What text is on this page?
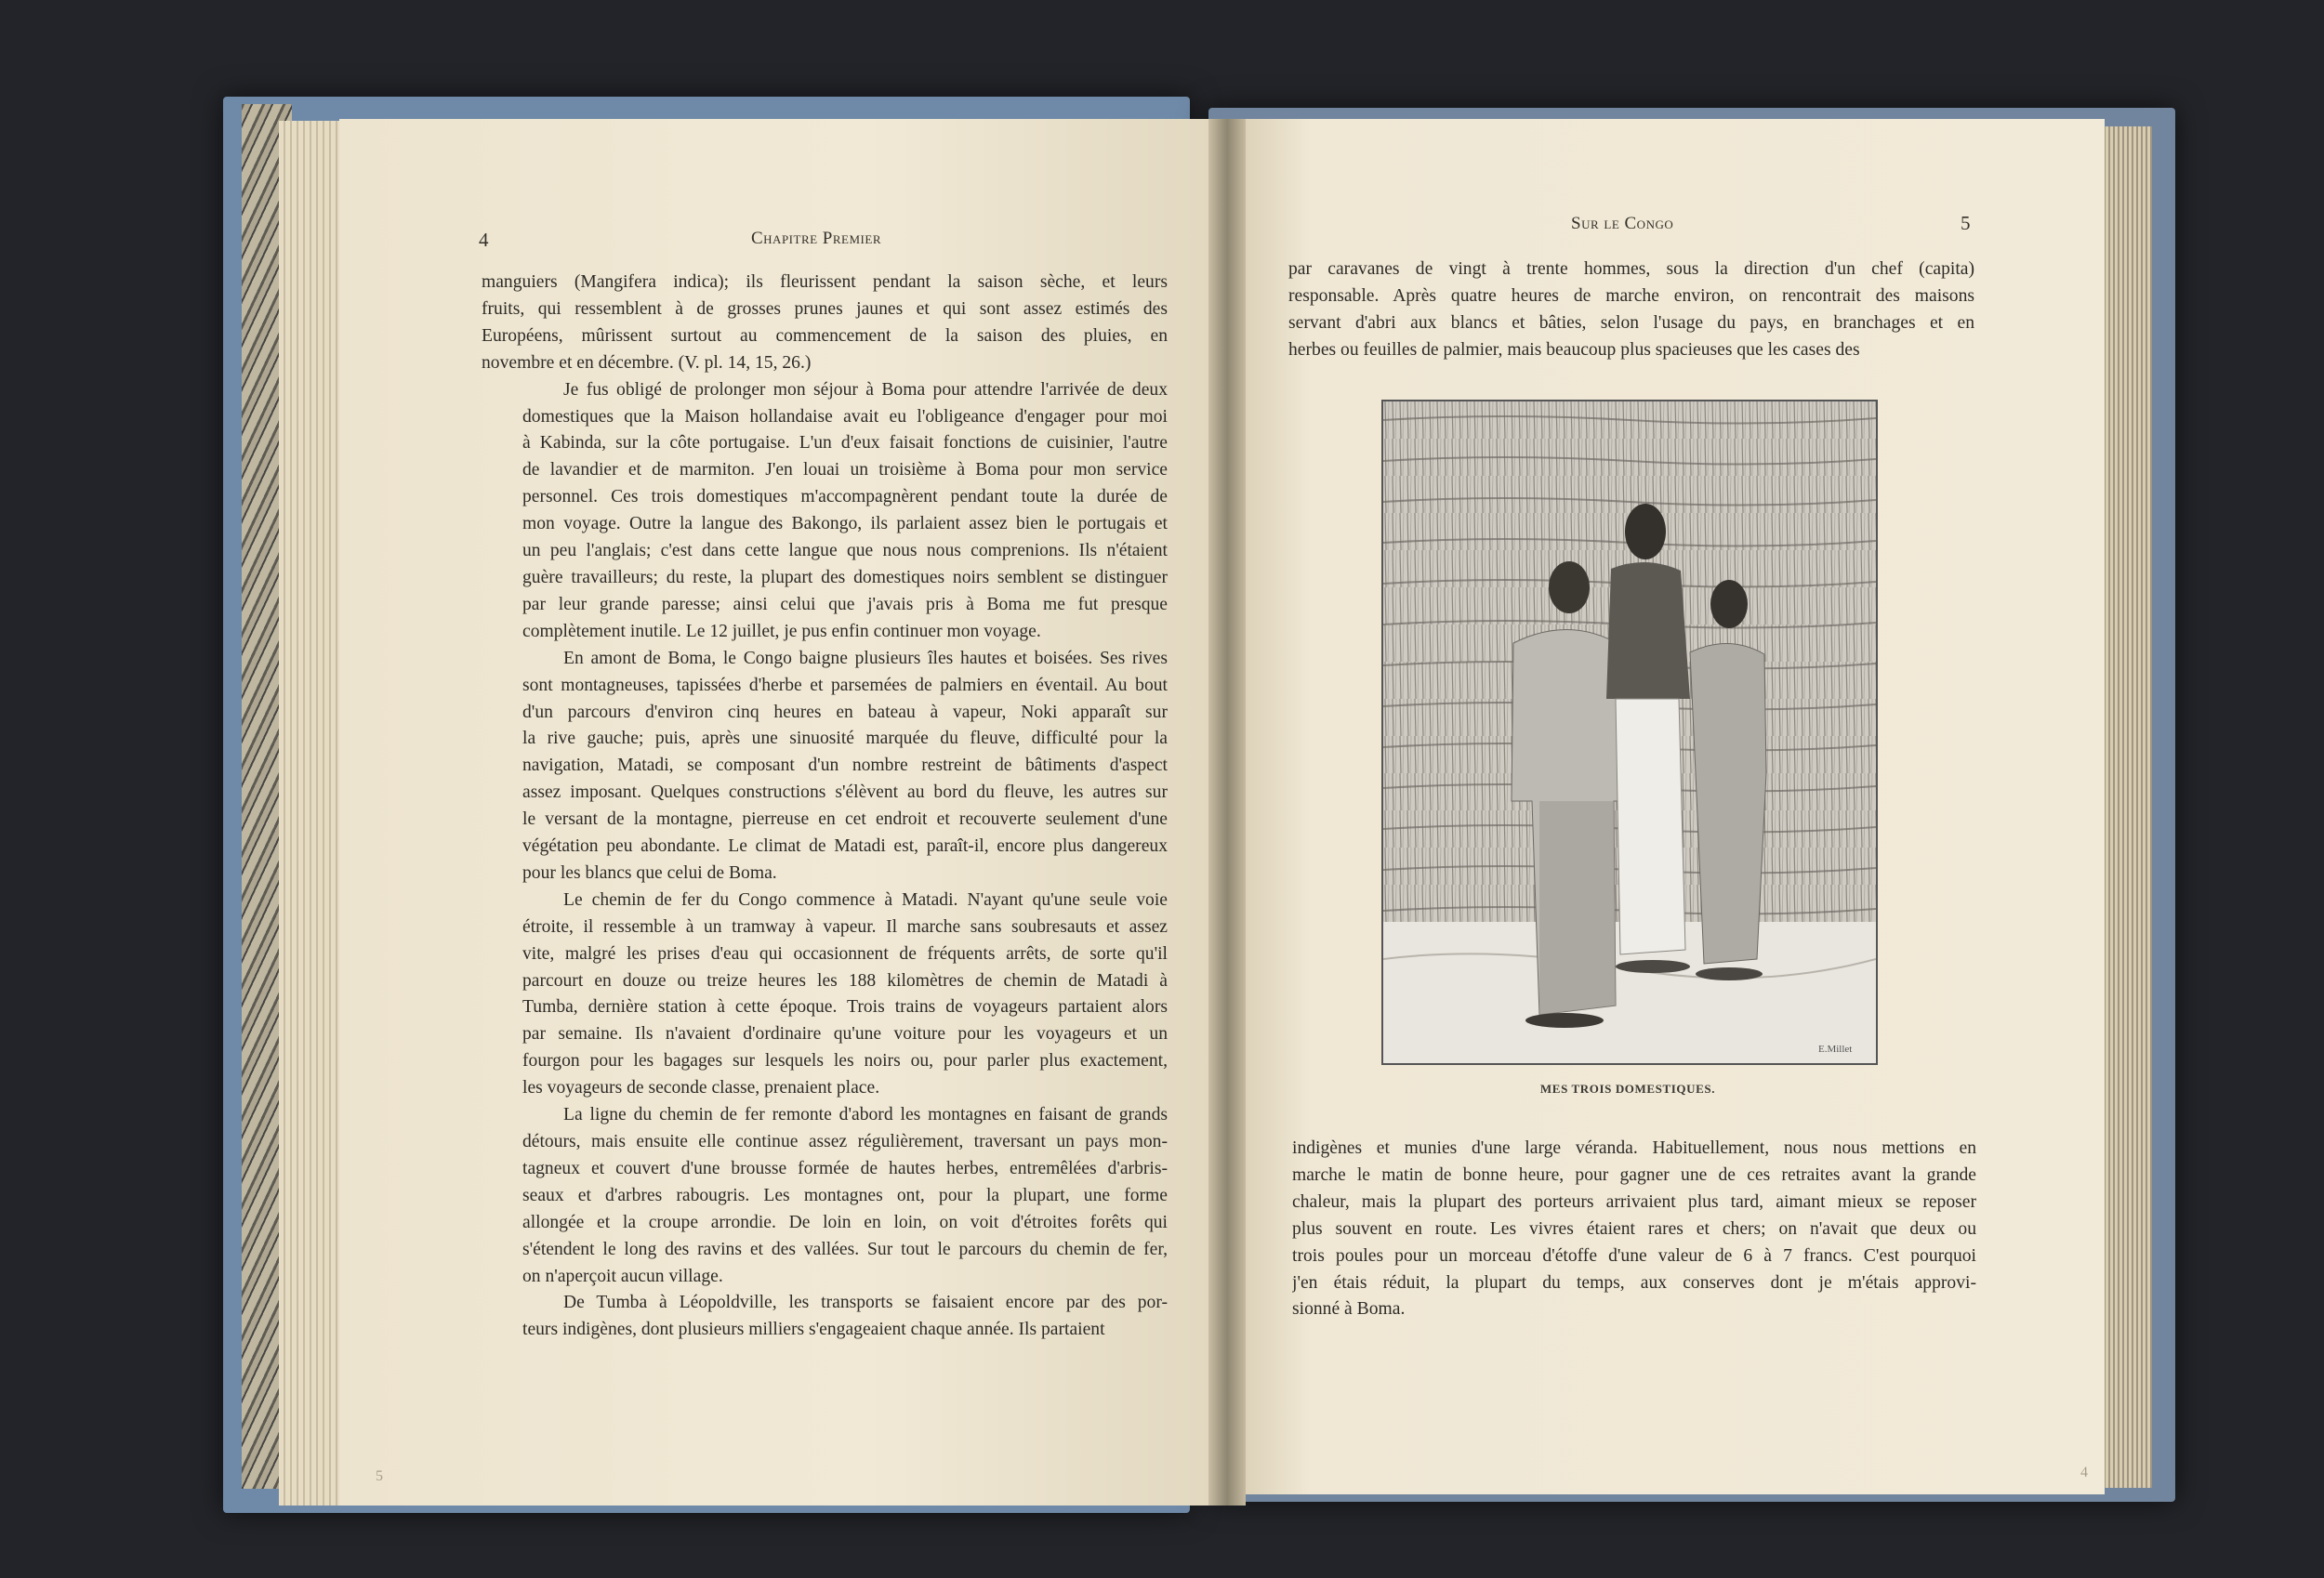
4	Chapitre Premier

manguiers (Mangifera indica); ils fleurissent pendant la saison sèche, et leurs
fruits, qui ressemblent à de grosses prunes jaunes et qui sont assez estimés des
Européens, mûrissent surtout au commencement de la saison des pluies, en
novembre et en décembre. (V. pl. 14, 15, 26.)

Je fus obligé de prolonger mon séjour à Boma pour attendre l'arrivée de deux
domestiques que la Maison hollandaise avait eu l'obligeance d'engager pour moi
à Kabinda, sur la côte portugaise. L'un d'eux faisait fonctions de cuisinier, l'autre
de lavandier et de marmiton. J'en louai un troisième à Boma pour mon service
personnel. Ces trois domestiques m'accompagnèrent pendant toute la durée de
mon voyage. Outre la langue des Bakongo, ils parlaient assez bien le portugais et
un peu l'anglais; c'est dans cette langue que nous nous comprenions. Ils n'étaient
guère travailleurs; du reste, la plupart des domestiques noirs semblent se distinguer
par leur grande paresse; ainsi celui que j'avais pris à Boma me fut presque
complètement inutile. Le 12 juillet, je pus enfin continuer mon voyage.

En amont de Boma, le Congo baigne plusieurs îles hautes et boisées. Ses rives
sont montagneuses, tapissées d'herbe et parsemées de palmiers en éventail. Au bout
d'un parcours d'environ cinq heures en bateau à vapeur, Noki apparaît sur
la rive gauche; puis, après une sinuosité marquée du fleuve, difficulté pour la
navigation, Matadi, se composant d'un nombre restreint de bâtiments d'aspect
assez imposant. Quelques constructions s'élèvent au bord du fleuve, les autres sur
le versant de la montagne, pierreuse en cet endroit et recouverte seulement d'une
végétation peu abondante. Le climat de Matadi est, paraît-il, encore plus dangereux
pour les blancs que celui de Boma.

Le chemin de fer du Congo commence à Matadi. N'ayant qu'une seule voie
étroite, il ressemble à un tramway à vapeur. Il marche sans soubresauts et assez
vite, malgré les prises d'eau qui occasionnent de fréquents arrêts, de sorte qu'il
parcourt en douze ou treize heures les 188 kilomètres de chemin de Matadi à
Tumba, dernière station à cette époque. Trois trains de voyageurs partaient alors
par semaine. Ils n'avaient d'ordinaire qu'une voiture pour les voyageurs et un
fourgon pour les bagages sur lesquels les noirs ou, pour parler plus exactement,
les voyageurs de seconde classe, prenaient place.

La ligne du chemin de fer remonte d'abord les montagnes en faisant de grands
détours, mais ensuite elle continue assez régulièrement, traversant un pays mon-
tagneux et couvert d'une brousse formée de hautes herbes, entremêlées d'arbris-
seaux et d'arbres rabougris. Les montagnes ont, pour la plupart, une forme
allongée et la croupe arrondie. De loin en loin, on voit d'étroites forêts qui
s'étendent le long des ravins et des vallées. Sur tout le parcours du chemin de fer,
on n'aperçoit aucun village.

De Tumba à Léopoldville, les transports se faisaient encore par des por-
teurs indigènes, dont plusieurs milliers s'engageaient chaque année. Ils partaient

Sur le Congo	5

par caravanes de vingt à trente hommes, sous la direction d'un chef (capita)
responsable. Après quatre heures de marche environ, on rencontrait des maisons
servant d'abri aux blancs et bâties, selon l'usage du pays, en branchages et en
herbes ou feuilles de palmier, mais beaucoup plus spacieuses que les cases des

E.Millet
MES TROIS DOMESTIQUES.

indigènes et munies d'une large véranda. Habituellement, nous nous mettions en
marche le matin de bonne heure, pour gagner une de ces retraites avant la grande
chaleur, mais la plupart des porteurs arrivaient plus tard, aimant mieux se reposer
plus souvent en route. Les vivres étaient rares et chers; on n'avait que deux ou
trois poules pour un morceau d'étoffe d'une valeur de 6 à 7 francs. C'est pourquoi
j'en étais réduit, la plupart du temps, aux conserves dont je m'étais approvi-
sionné à Boma.

5	4
